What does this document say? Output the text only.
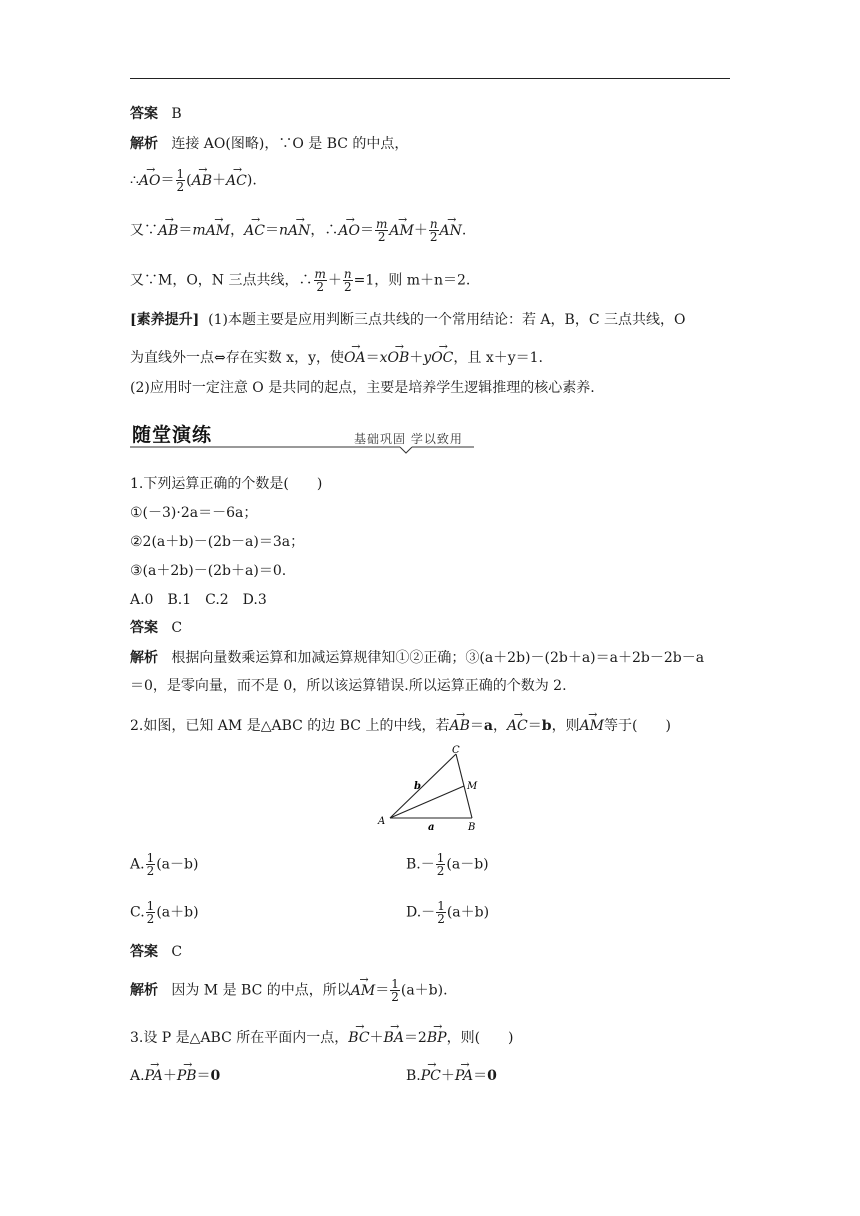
答案 B
解析 连接 AO(图略)，∵O 是 BC 的中点，
∴→ $AO= \frac{1}{2}$ (→ AB＋→ AC).
又∵→ AB＝m→ AM，→ AC＝n→ AN，∴→ $AO= \frac{m}{2}$
→ $AM+ \frac{n}{2}$
→ AN.
又∵M，O，N 三点共线，∴ $\frac{m}{2} + \frac{n}{2} =1$，则 m＋n＝2.
[素养提升] (1)本题主要是应用判断三点共线的一个常用结论：若 A，B，C 三点共线，O
为直线外一点⇔存在实数 x，y，使→ OA＝x→ OB＋y→ OC，且 x＋y＝1.
(2)应用时一定注意 O 是共同的起点，主要是培养学生逻辑推理的核心素养.
随堂演练	基础巩固 学以致用
1.下列运算正确的个数是(　　)
①(－3)·2a＝－6a；
②2(a＋b)－(2b－a)＝3a；
③(a＋2b)－(2b＋a)＝0.
A.0　B.1　C.2　D.3
答案 C
解析 根据向量数乘运算和加减运算规律知①②正确；③(a＋2b)－(2b＋a)＝a＋2b－2b－a
＝0，是零向量，而不是 0，所以该运算错误.所以运算正确的个数为 2.
2.如图，已知 AM 是△ABC 的边 BC 上的中线，若→ AB＝a，→ AC＝b，则→ AM等于(　　)
A
B
C
M
a
b
A. $\frac{1}{2} (a-b)$	$B.- \frac{1}{2} (a-b)$
C. $\frac{1}{2} (a+b)$	$D.- \frac{1}{2} (a+b)$
答案 C
解析 因为 M 是 BC 的中点，所以→ $AM= \frac{1}{2} (a+b)$.
3.设 P 是△ABC 所在平面内一点，→ BC＋→ BA＝2→ BP，则(　　)
A.→ PA＋→ PB＝0	B.→ PC＋→ PA＝0
